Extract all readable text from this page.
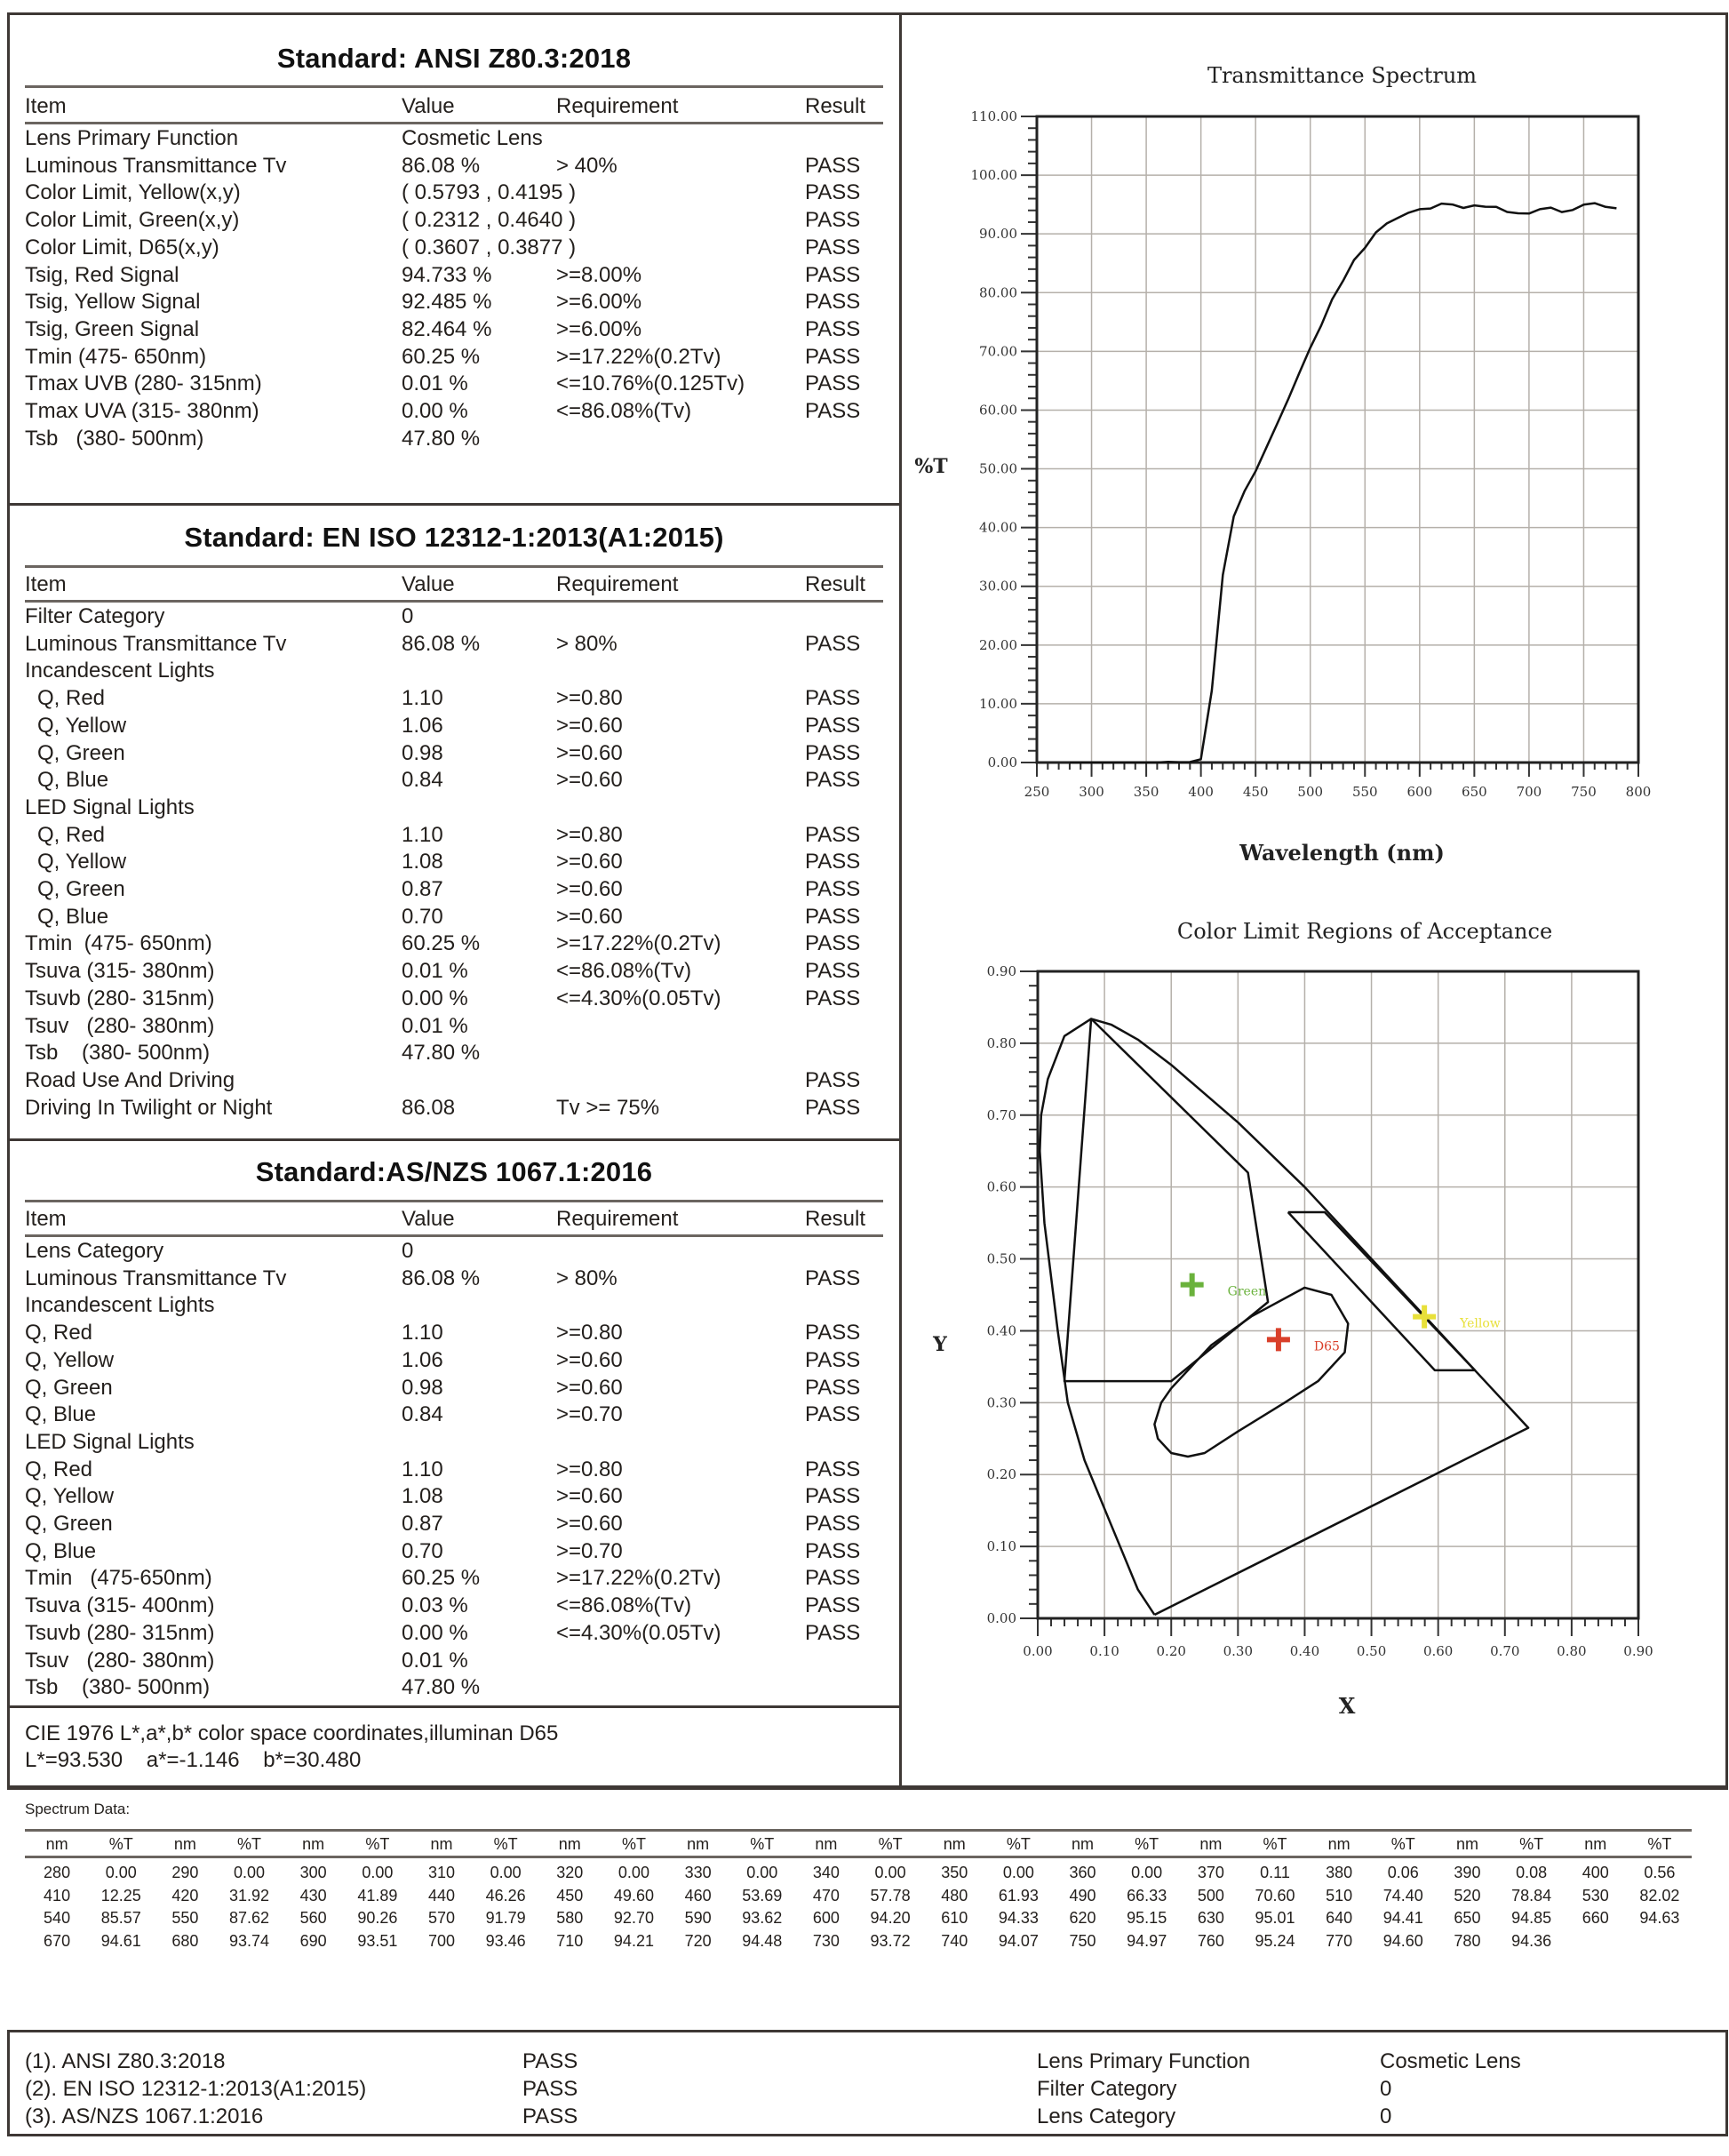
Standard: ANSI Z80.3:2018
Item	Value	Requirement	Result
Lens Primary Function	Cosmetic Lens
Luminous Transmittance Tv	86.08 %	> 40%	PASS
Color Limit, Yellow(x,y)	( 0.5793 , 0.4195 )	PASS
Color Limit, Green(x,y)	( 0.2312 , 0.4640 )	PASS
Color Limit, D65(x,y)	( 0.3607 , 0.3877 )	PASS
Tsig, Red Signal	94.733 %	>=8.00%	PASS
Tsig, Yellow Signal	92.485 %	>=6.00%	PASS
Tsig, Green Signal	82.464 %	>=6.00%	PASS
Tmin (475- 650nm)	60.25 %	>=17.22%(0.2Tv)	PASS
Tmax UVB (280- 315nm)	0.01 %	<=10.76%(0.125Tv)	PASS
Tmax UVA (315- 380nm)	0.00 %	<=86.08%(Tv)	PASS
Tsb   (380- 500nm)	47.80 %
Standard: EN ISO 12312-1:2013(A1:2015)
Item	Value	Requirement	Result
Filter Category	0
Luminous Transmittance Tv	86.08 %	> 80%	PASS
Incandescent Lights
Q, Red	1.10	>=0.80	PASS
Q, Yellow	1.06	>=0.60	PASS
Q, Green	0.98	>=0.60	PASS
Q, Blue	0.84	>=0.60	PASS
LED Signal Lights
Q, Red	1.10	>=0.80	PASS
Q, Yellow	1.08	>=0.60	PASS
Q, Green	0.87	>=0.60	PASS
Q, Blue	0.70	>=0.60	PASS
Tmin  (475- 650nm)	60.25 %	>=17.22%(0.2Tv)	PASS
Tsuva (315- 380nm)	0.01 %	<=86.08%(Tv)	PASS
Tsuvb (280- 315nm)	0.00 %	<=4.30%(0.05Tv)	PASS
Tsuv   (280- 380nm)	0.01 %
Tsb    (380- 500nm)	47.80 %
Road Use And Driving	PASS
Driving In Twilight or Night	86.08	Tv >= 75%	PASS
Standard:AS/NZS 1067.1:2016
Item	Value	Requirement	Result
Lens Category	0
Luminous Transmittance Tv	86.08 %	> 80%	PASS
Incandescent Lights
Q, Red	1.10	>=0.80	PASS
Q, Yellow	1.06	>=0.60	PASS
Q, Green	0.98	>=0.60	PASS
Q, Blue	0.84	>=0.70	PASS
LED Signal Lights
Q, Red	1.10	>=0.80	PASS
Q, Yellow	1.08	>=0.60	PASS
Q, Green	0.87	>=0.60	PASS
Q, Blue	0.70	>=0.70	PASS
Tmin   (475-650nm)	60.25 %	>=17.22%(0.2Tv)	PASS
Tsuva (315- 400nm)	0.03 %	<=86.08%(Tv)	PASS
Tsuvb (280- 315nm)	0.00 %	<=4.30%(0.05Tv)	PASS
Tsuv   (280- 380nm)	0.01 %
Tsb    (380- 500nm)	47.80 %
CIE 1976 L*,a*,b* color space coordinates,illuminan D65
L*=93.530    a*=-1.146    b*=30.480
Transmittance Spectrum
250 300 350 400 450 500 550 600 650 700 750 800
0.00
10.00
20.00
30.00
40.00
50.00
60.00
70.00
80.00
90.00
100.00
110.00
%T
Wavelength (nm)
Color Limit Regions of Acceptance
0.00	0.10	0.20	0.30	0.40	0.50	0.60	0.70	0.80	0.90
0.00
0.10
0.20
0.30
0.40
0.50
0.60
0.70
0.80
0.90
Green
D65
Yellow
Y
X
Spectrum Data:
nm	%T	nm	%T	nm	%T	nm	%T	nm	%T	nm	%T	nm	%T	nm	%T	nm	%T	nm	%T	nm	%T	nm	%T	nm	%T
280	0.00	290	0.00	300	0.00	310	0.00	320	0.00	330	0.00	340	0.00	350	0.00	360	0.00	370	0.11	380	0.06	390	0.08	400	0.56
410	12.25	420	31.92	430	41.89	440	46.26	450	49.60	460	53.69	470	57.78	480	61.93	490	66.33	500	70.60	510	74.40	520	78.84	530	82.02
540	85.57	550	87.62	560	90.26	570	91.79	580	92.70	590	93.62	600	94.20	610	94.33	620	95.15	630	95.01	640	94.41	650	94.85	660	94.63
670	94.61	680	93.74	690	93.51	700	93.46	710	94.21	720	94.48	730	93.72	740	94.07	750	94.97	760	95.24	770	94.60	780	94.36
(1). ANSI Z80.3:2018	PASS	Lens Primary Function	Cosmetic Lens
(2). EN ISO 12312-1:2013(A1:2015)	PASS	Filter Category	0
(3). AS/NZS 1067.1:2016	PASS	Lens Category	0
